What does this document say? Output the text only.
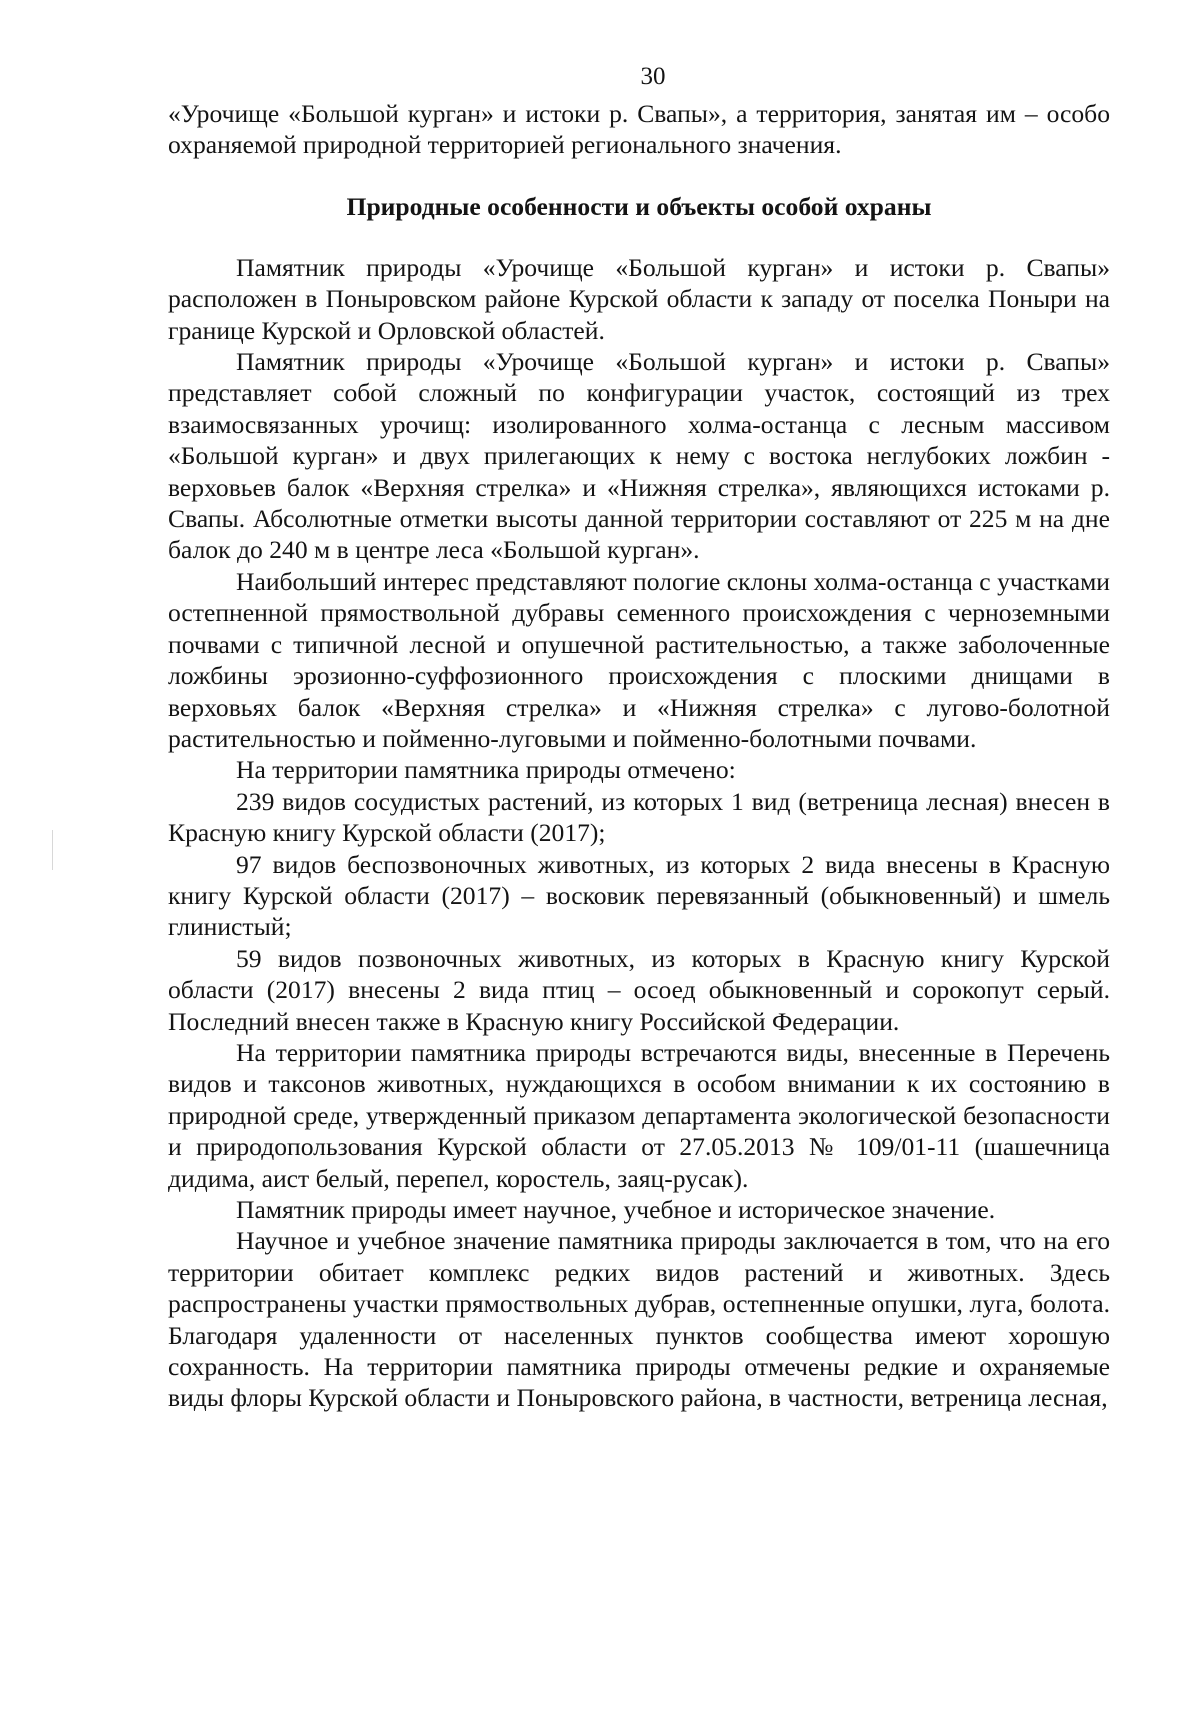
30

«Урочище «Большой курган» и истоки р. Свапы», а территория, занятая им – особо охраняемой природной территорией регионального значения.

Природные особенности и объекты особой охраны

Памятник природы «Урочище «Большой курган» и истоки р. Свапы» расположен в Поныровском районе Курской области к западу от поселка Поныри на границе Курской и Орловской областей.

Памятник природы «Урочище «Большой курган» и истоки р. Свапы» представляет собой сложный по конфигурации участок, состоящий из трех взаимосвязанных урочищ: изолированного холма-останца с лесным массивом «Большой курган» и двух прилегающих к нему с востока неглубоких ложбин - верховьев балок «Верхняя стрелка» и «Нижняя стрелка», являющихся истоками р. Свапы. Абсолютные отметки высоты данной территории составляют от 225 м на дне балок до 240 м в центре леса «Большой курган».

Наибольший интерес представляют пологие склоны холма-останца с участками остепненной прямоствольной дубравы семенного происхождения с черноземными почвами с типичной лесной и опушечной растительностью, а также заболоченные ложбины эрозионно-суффозионного происхождения с плоскими днищами в верховьях балок «Верхняя стрелка» и «Нижняя стрелка» с лугово-болотной растительностью и пойменно-луговыми и пойменно-болотными почвами.

На территории памятника природы отмечено:

239 видов сосудистых растений, из которых 1 вид (ветреница лесная) внесен в Красную книгу Курской области (2017);

97 видов беспозвоночных животных, из которых 2 вида внесены в Красную книгу Курской области (2017) – восковик перевязанный (обыкновенный) и шмель глинистый;

59 видов позвоночных животных, из которых в Красную книгу Курской области (2017) внесены 2 вида птиц – осоед обыкновенный и сорокопут серый. Последний внесен также в Красную книгу Российской Федерации.

На территории памятника природы встречаются виды, внесенные в Перечень видов и таксонов животных, нуждающихся в особом внимании к их состоянию в природной среде, утвержденный приказом департамента экологической безопасности и природопользования Курской области от 27.05.2013 № 109/01-11 (шашечница дидима, аист белый, перепел, коростель, заяц-русак).

Памятник природы имеет научное, учебное и историческое значение.

Научное и учебное значение памятника природы заключается в том, что на его территории обитает комплекс редких видов растений и животных. Здесь распространены участки прямоствольных дубрав, остепненные опушки, луга, болота. Благодаря удаленности от населенных пунктов сообщества имеют хорошую сохранность. На территории памятника природы отмечены редкие и охраняемые виды флоры Курской области и Поныровского района, в частности, ветреница лесная,
